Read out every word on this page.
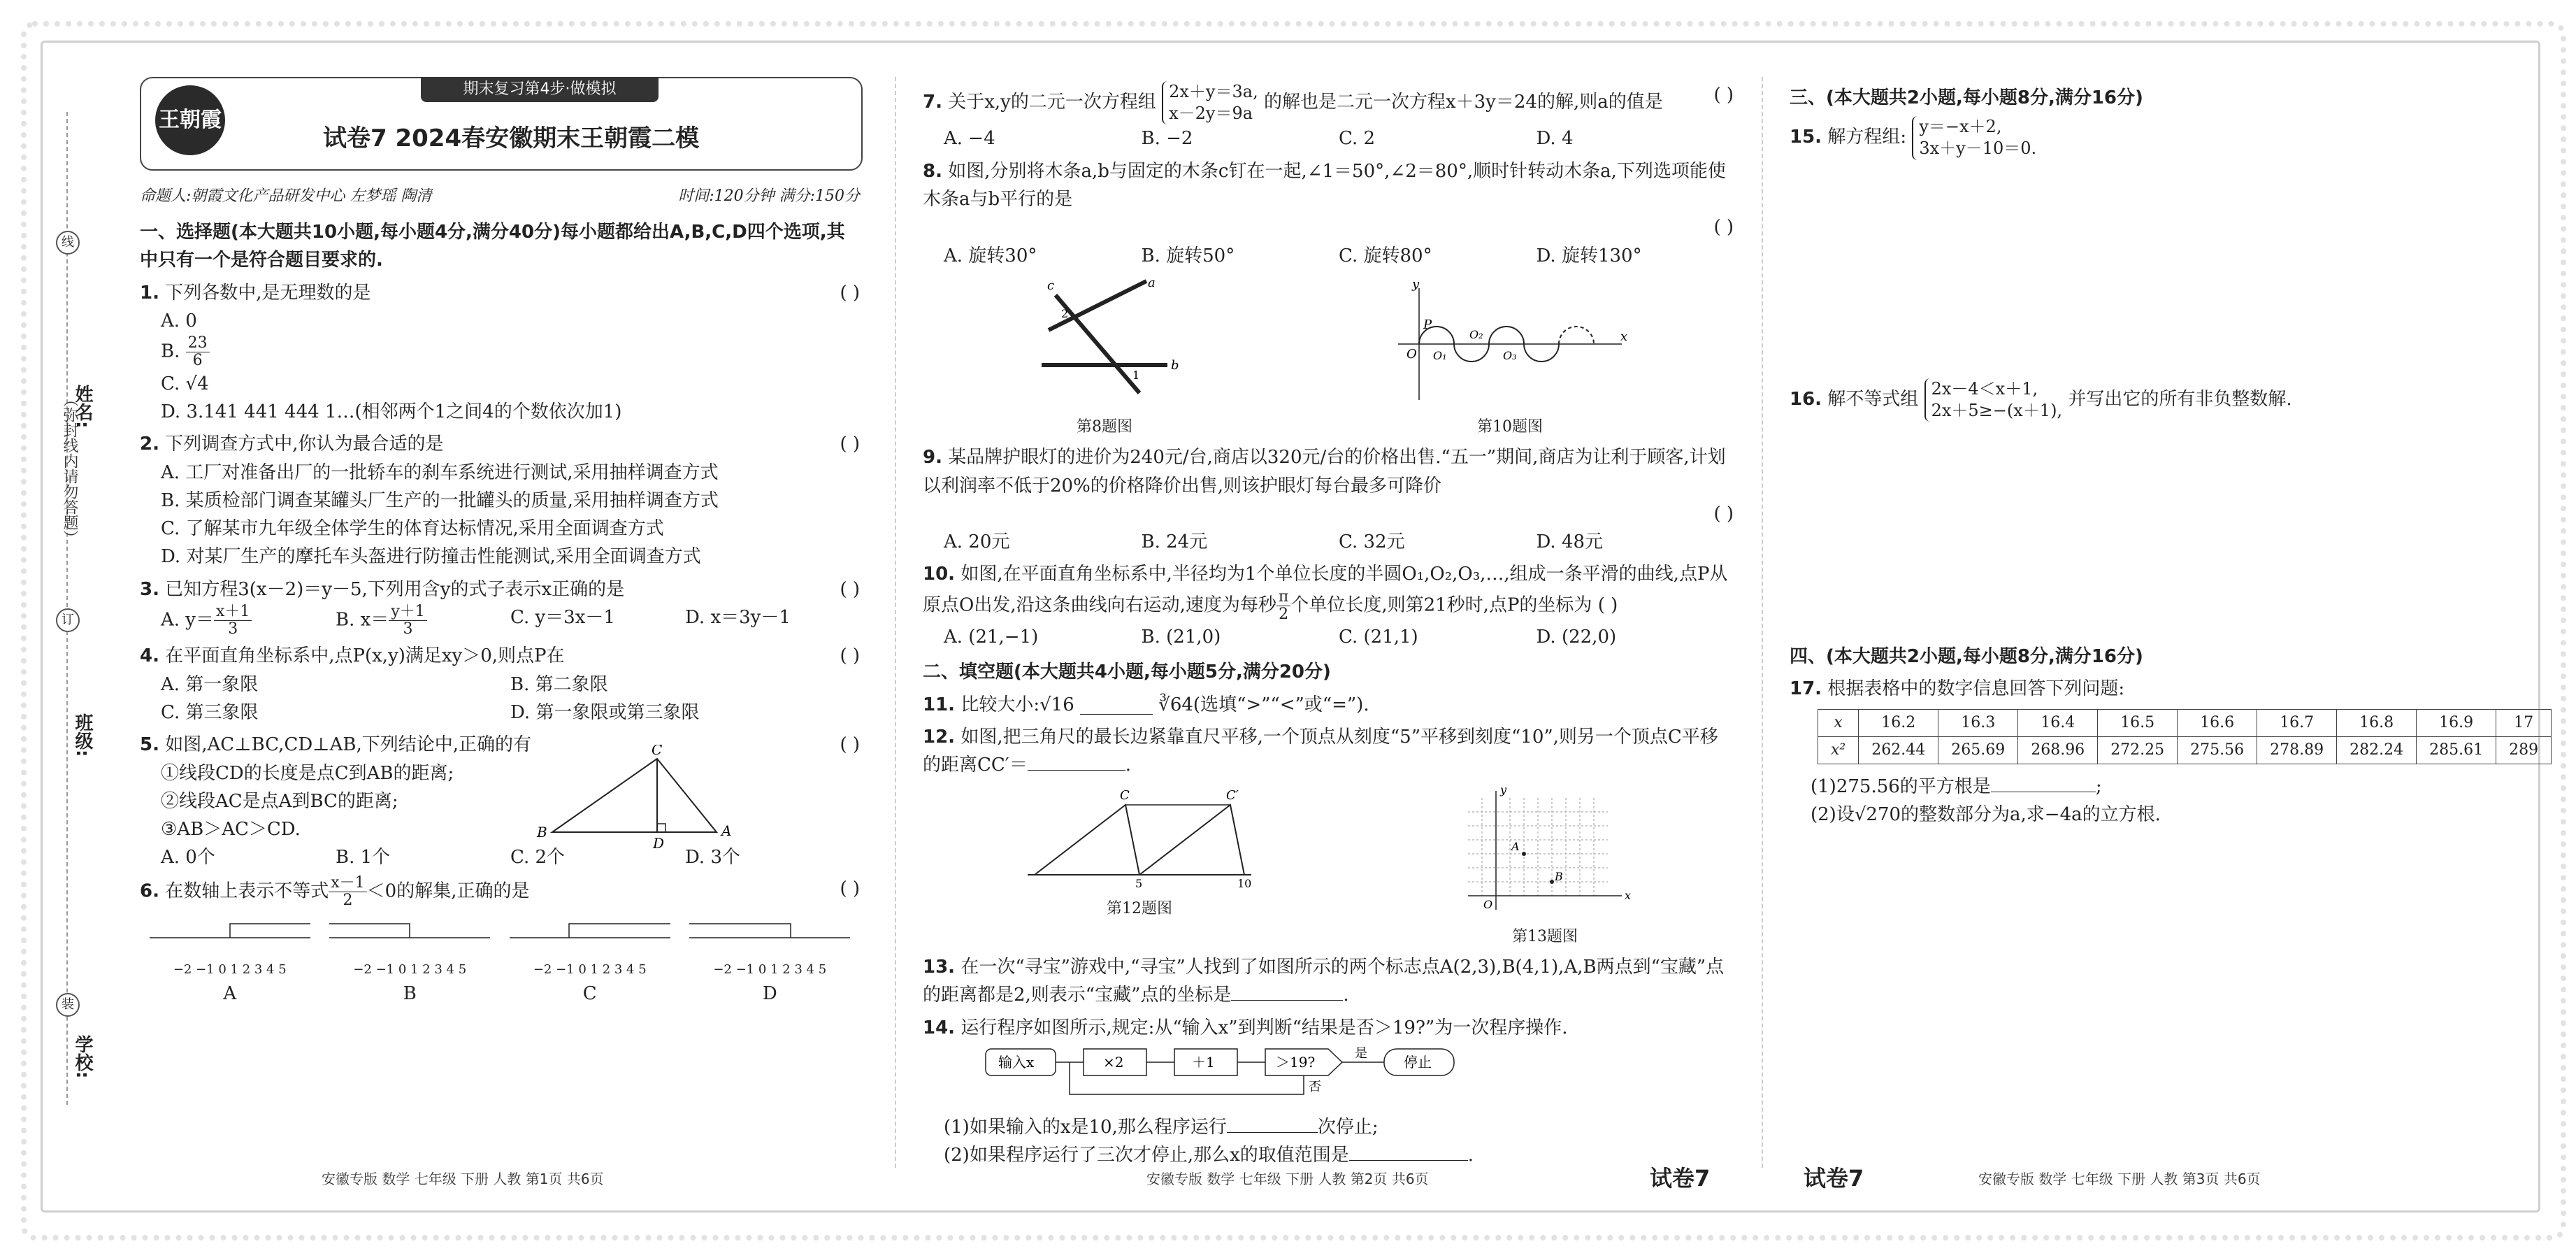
姓名:
班级:
学校:
线
（弥封线内请勿答题）
订
装
期末复习第4步·做模拟
王朝霞
试卷7 2024春安徽期末王朝霞二模
命题人:朝霞文化产品研发中心 左梦瑶 陶清	时间:120分钟 满分:150分
一、选择题(本大题共10小题,每小题4分,满分40分)每小题都给出A,B,C,D四个选项,其中只有一个是符合题目要求的.
1. 下列各数中,是无理数的是	( )
A. 0
B. $\frac{23}{6}$
C. √4
D. 3.141 441 444 1…(相邻两个1之间4的个数依次加1)
2. 下列调查方式中,你认为最合适的是	( )
A. 工厂对准备出厂的一批轿车的刹车系统进行测试,采用抽样调查方式
B. 某质检部门调查某罐头厂生产的一批罐头的质量,采用抽样调查方式
C. 了解某市九年级全体学生的体育达标情况,采用全面调查方式
D. 对某厂生产的摩托车头盔进行防撞击性能测试,采用全面调查方式
3. 已知方程3(x－2)＝y－5,下列用含y的式子表示x正确的是	( )
A. $y= \frac{x+1}{3}$	B. $x= \frac{y+1}{3}$	C. y＝3x－1	D. x＝3y－1
4. 在平面直角坐标系中,点P(x,y)满足xy＞0,则点P在	( )
A. 第一象限	B. 第二象限
C. 第三象限	D. 第一象限或第三象限
5. 如图,AC⊥BC,CD⊥AB,下列结论中,正确的有	( )
①线段CD的长度是点C到AB的距离;
②线段AC是点A到BC的距离;
③AB＞AC＞CD.
A. 0个	B. 1个	C. 2个	D. 3个
C
A
B
D
6. 在数轴上表示不等式 $\frac{x-1}{2} <0$的解集,正确的是	( )
−2 −1 0 1 2 3 4 5
A
−2 −1 0 1 2 3 4 5
B
−2 −1 0 1 2 3 4 5
C
−2 −1 0 1 2 3 4 5
D
7. 关于x,y的二元一次方程组 2x＋y＝3a,
x－2y＝9a 的解也是二元一次方程x＋3y＝24的解,则a的值是	( )
A. −4	B. −2	C. 2	D. 4
8. 如图,分别将木条a,b与固定的木条c钉在一起,∠1＝50°,∠2＝80°,顺时针转动木条a,下列选项能使木条a与b平行的是
( )
A. 旋转30°	B. 旋转50°	C. 旋转80°	D. 旋转130°
c	a
b
2
1
第8题图
y
x
O
P
O₁
O₂
O₃
第10题图
9. 某品牌护眼灯的进价为240元/台,商店以320元/台的价格出售.“五一”期间,商店为让利于顾客,计划以利润率不低于20%的价格降价出售,则该护眼灯每台最多可降价
( )
A. 20元	B. 24元	C. 32元	D. 48元
10. 如图,在平面直角坐标系中,半径均为1个单位长度的半圆O₁,O₂,O₃,…,组成一条平滑的曲线,点P从原点O出发,沿这条曲线向右运动,速度为每秒 $\frac{\pi}{2}$ 个单位长度,则第21秒时,点P的坐标为 ( )
A. (21,−1)	B. (21,0)	C. (21,1)	D. (22,0)
二、填空题(本大题共4小题,每小题5分,满分20分)
11. 比较大小:√16 ________ ∛64(选填“>”“<”或“=”).
12. 如图,把三角尺的最长边紧靠直尺平移,一个顶点从刻度“5”平移到刻度“10”,则另一个顶点C平移的距离CC′＝	.
C	C′
5	10
第12题图
A
B
y
x
O
第13题图
13. 在一次“寻宝”游戏中,“寻宝”人找到了如图所示的两个标志点A(2,3),B(4,1),A,B两点到“宝藏”点的距离都是2,则表示“宝藏”点的坐标是	.
14. 运行程序如图所示,规定:从“输入x”到判断“结果是否＞19?”为一次程序操作.
输入x	×2	＋1	＞19?	停止
是
否
(1)如果输入的x是10,那么程序运行	次停止;
(2)如果程序运行了三次才停止,那么x的取值范围是	.
三、(本大题共2小题,每小题8分,满分16分)
15. 解方程组: y＝−x＋2,
3x＋y－10＝0.
16. 解不等式组 2x－4＜x＋1,
2x＋5≥−(x＋1), 并写出它的所有非负整数解.
四、(本大题共2小题,每小题8分,满分16分)
17. 根据表格中的数字信息回答下列问题:
x	16.2	16.3	16.4	16.5	16.6	16.7	16.8	16.9	17
x²	262.44	265.69	268.96	272.25	275.56	278.89	282.24	285.61	289
(1)275.56的平方根是	;
(2)设√270的整数部分为a,求−4a的立方根.
安徽专版 数学 七年级 下册 人教 第1页 共6页	安徽专版 数学 七年级 下册 人教 第2页 共6页	试卷7	试卷7	安徽专版 数学 七年级 下册 人教 第3页 共6页
